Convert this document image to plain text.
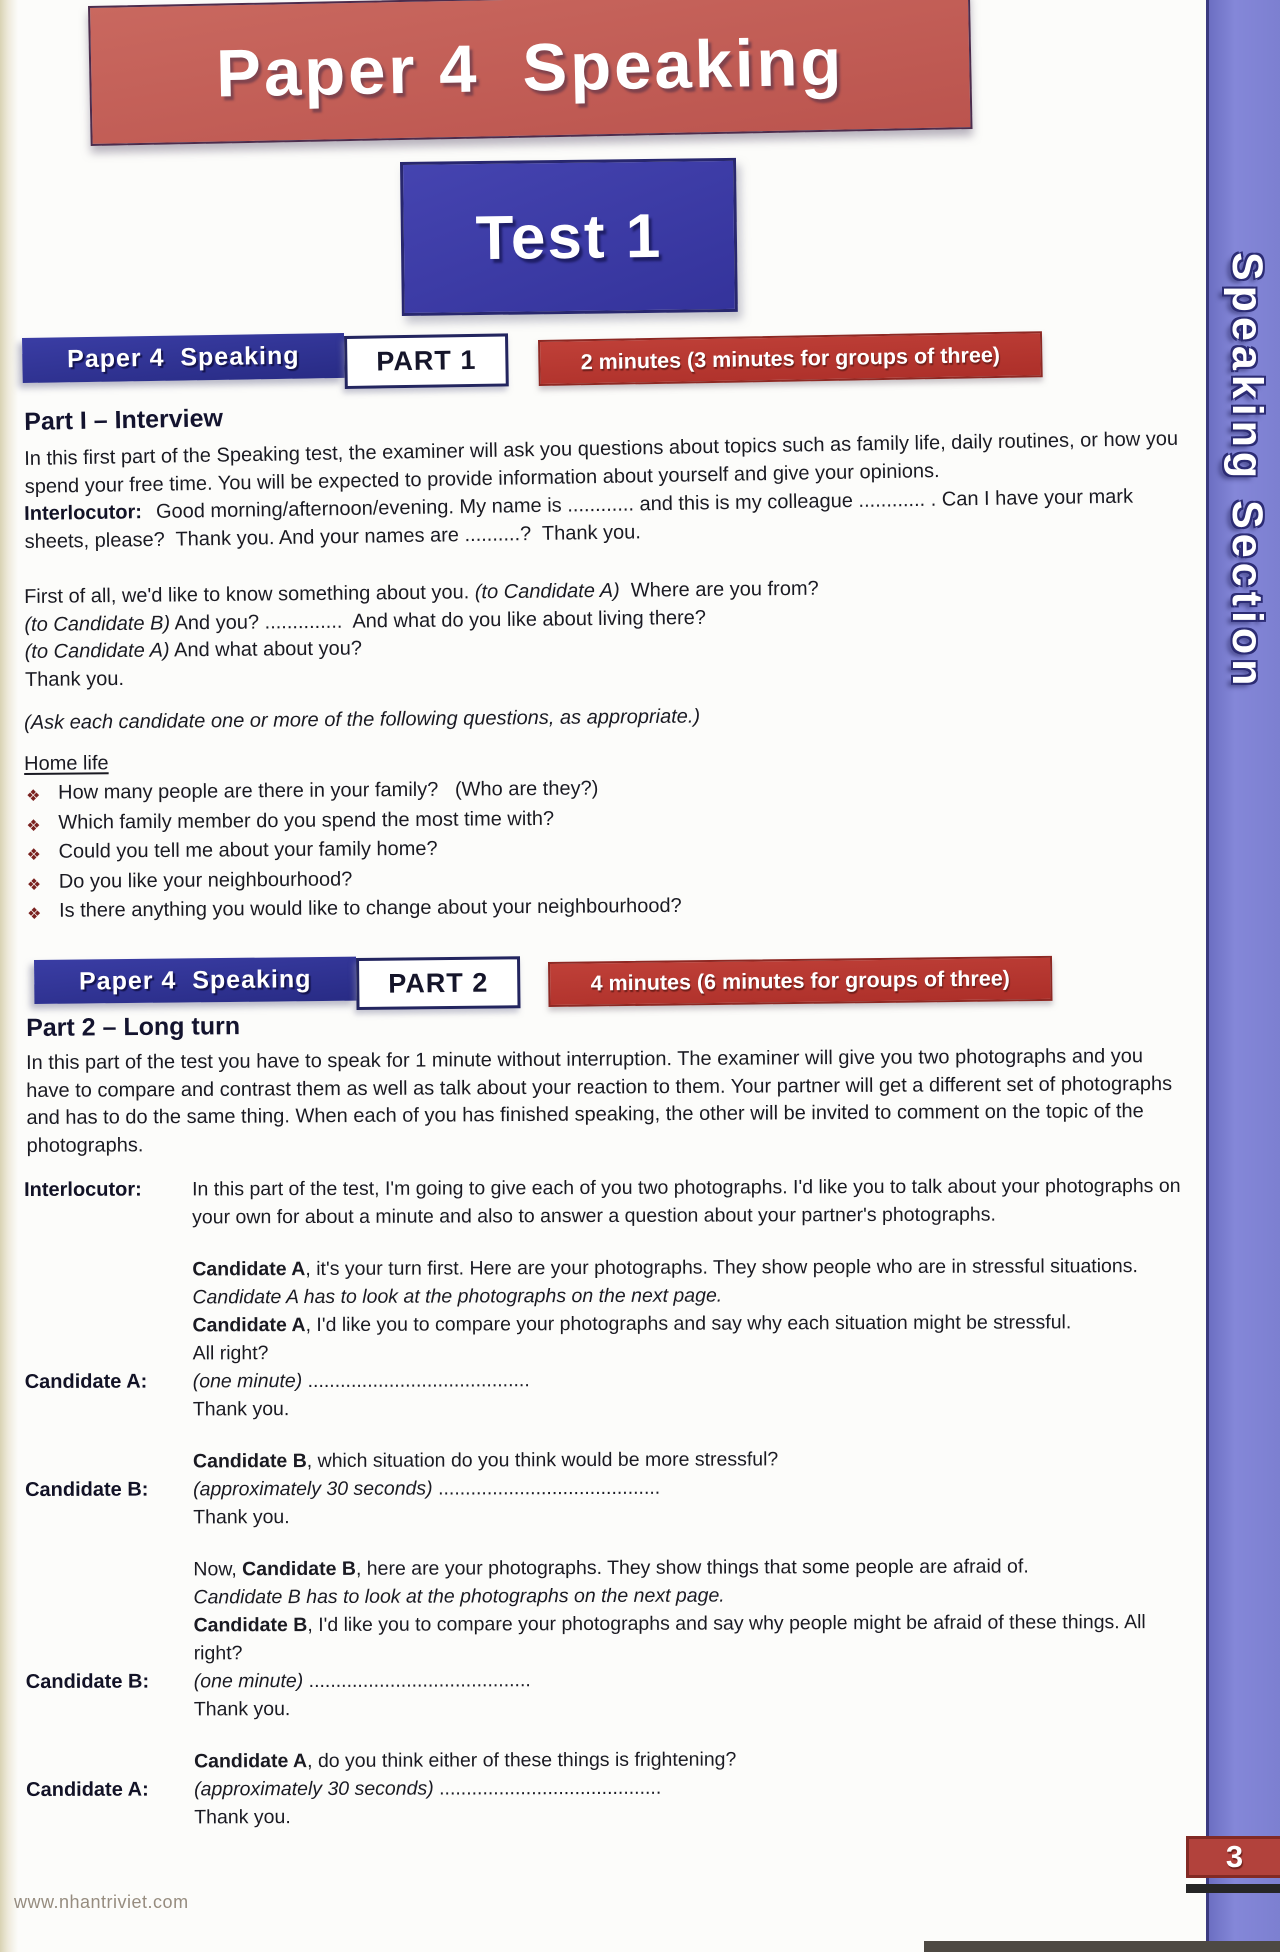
Paper 4  Speaking
Test 1
Paper 4  Speaking	PART 1	2 minutes (3 minutes for groups of three)
Part I – Interview

In this first part of the Speaking test, the examiner will ask you questions about topics such as family life, daily routines, or how you spend your free time. You will be expected to provide information about yourself and give your opinions.

Interlocutor: Good morning/afternoon/evening. My name is ............ and this is my colleague ............ . Can I have your mark sheets, please?  Thank you. And your names are ..........?  Thank you.

First of all, we'd like to know something about you. (to Candidate A)  Where are you from?

(to Candidate B) And you? ..............  And what do you like about living there?

(to Candidate A) And what about you?

Thank you.

(Ask each candidate one or more of the following questions, as appropriate.)

Home life
❖ How many people are there in your family?   (Who are they?)
❖ Which family member do you spend the most time with?
❖ Could you tell me about your family home?
❖ Do you like your neighbourhood?
❖ Is there anything you would like to change about your neighbourhood?
Paper 4  Speaking	PART 2	4 minutes (6 minutes for groups of three)
Part 2 – Long turn

In this part of the test you have to speak for 1 minute without interruption. The examiner will give you two photographs and you have to compare and contrast them as well as talk about your reaction to them. Your partner will get a different set of photographs and has to do the same thing. When each of you has finished speaking, the other will be invited to comment on the topic of the photographs.

Interlocutor:	In this part of the test, I'm going to give each of you two photographs. I'd like you to talk about your photographs on your own for about a minute and also to answer a question about your partner's photographs.

Candidate A, it's your turn first. Here are your photographs. They show people who are in stressful situations.

Candidate A has to look at the photographs on the next page.

Candidate A, I'd like you to compare your photographs and say why each situation might be stressful.

All right?

Candidate A:	(one minute) .........................................

Thank you.

Candidate B, which situation do you think would be more stressful?

Candidate B:	(approximately 30 seconds) .........................................

Thank you.

Now, Candidate B, here are your photographs. They show things that some people are afraid of.

Candidate B has to look at the photographs on the next page.

Candidate B, I'd like you to compare your photographs and say why people might be afraid of these things. All right?

Candidate B:	(one minute) .........................................

Thank you.

Candidate A, do you think either of these things is frightening?

Candidate A:	(approximately 30 seconds) .........................................

Thank you.

Speaking Section
3
www.nhantriviet.com
